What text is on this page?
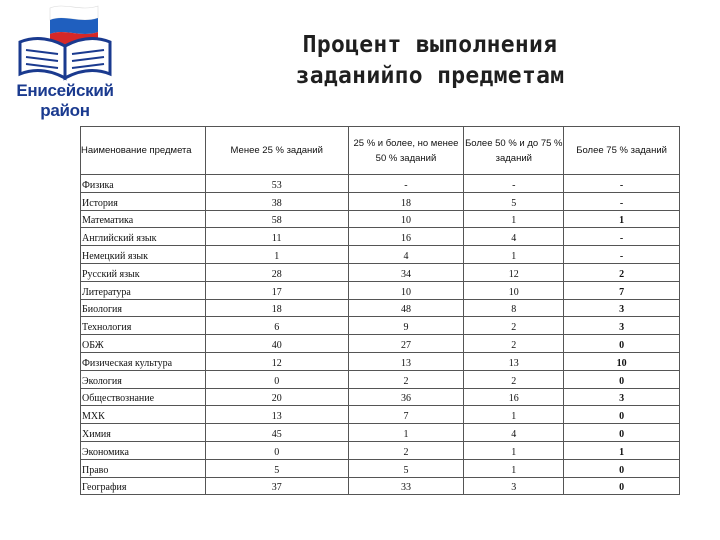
Енисейский
район
Процент выполнения
заданийпо предметам
Наименование предмета	Менее 25 % заданий	25 % и более, но менее 50 % заданий	Более 50 % и до 75 % заданий	Более 75 % заданий
Физика	53	-	-	-
История	38	18	5	-
Математика	58	10	1	1
Английский язык	11	16	4	-
Немецкий язык	1	4	1	-
Русский язык	28	34	12	2
Литература	17	10	10	7
Биология	18	48	8	3
Технология	6	9	2	3
ОБЖ	40	27	2	0
Физическая культура	12	13	13	10
Экология	0	2	2	0
Обществознание	20	36	16	3
МХК	13	7	1	0
Химия	45	1	4	0
Экономика	0	2	1	1
Право	5	5	1	0
География	37	33	3	0
